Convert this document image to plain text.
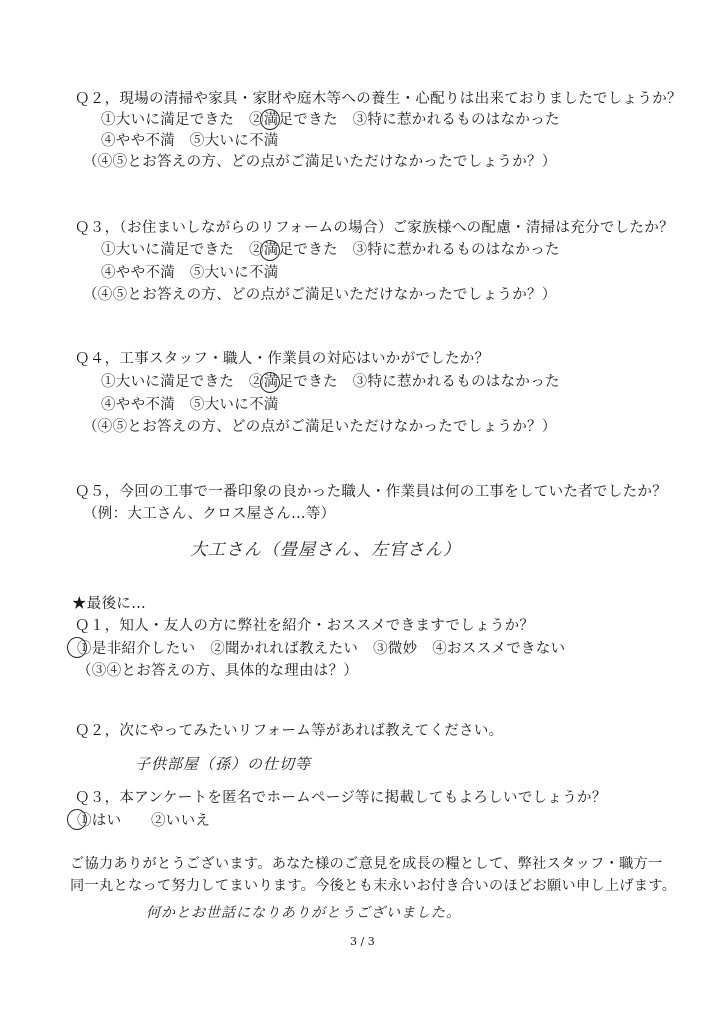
Ｑ２，現場の清掃や家具・家財や庭木等への養生・心配りは出来ておりましたでしょうか？
①大いに満足できた　②満足できた　③特に惹かれるものはなかった
④やや不満　⑤大いに不満
（④⑤とお答えの方、どの点がご満足いただけなかったでしょうか？）
Ｑ３，（お住まいしながらのリフォームの場合）ご家族様への配慮・清掃は充分でしたか？
①大いに満足できた　②満足できた　③特に惹かれるものはなかった
④やや不満　⑤大いに不満
（④⑤とお答えの方、どの点がご満足いただけなかったでしょうか？）
Ｑ４，工事スタッフ・職人・作業員の対応はいかがでしたか？
①大いに満足できた　②満足できた　③特に惹かれるものはなかった
④やや不満　⑤大いに不満
（④⑤とお答えの方、どの点がご満足いただけなかったでしょうか？）
Ｑ５，今回の工事で一番印象の良かった職人・作業員は何の工事をしていた者でしたか？
（例：大工さん、クロス屋さん…等）
大工さん（畳屋さん、左官さん）
★最後に…
Ｑ１，知人・友人の方に弊社を紹介・おススメできますでしょうか？
①是非紹介したい　②聞かれれば教えたい　③微妙　④おススメできない
（③④とお答えの方、具体的な理由は？）
Ｑ２，次にやってみたいリフォーム等があれば教えてください。
子供部屋（孫）の仕切等
Ｑ３，本アンケートを匿名でホームページ等に掲載してもよろしいでしょうか？
①はい　　②いいえ
ご協力ありがとうございます。あなた様のご意見を成長の糧として、弊社スタッフ・職方一
同一丸となって努力してまいります。今後とも末永いお付き合いのほどお願い申し上げます。
何かとお世話になりありがとうございました。
3 / 3
